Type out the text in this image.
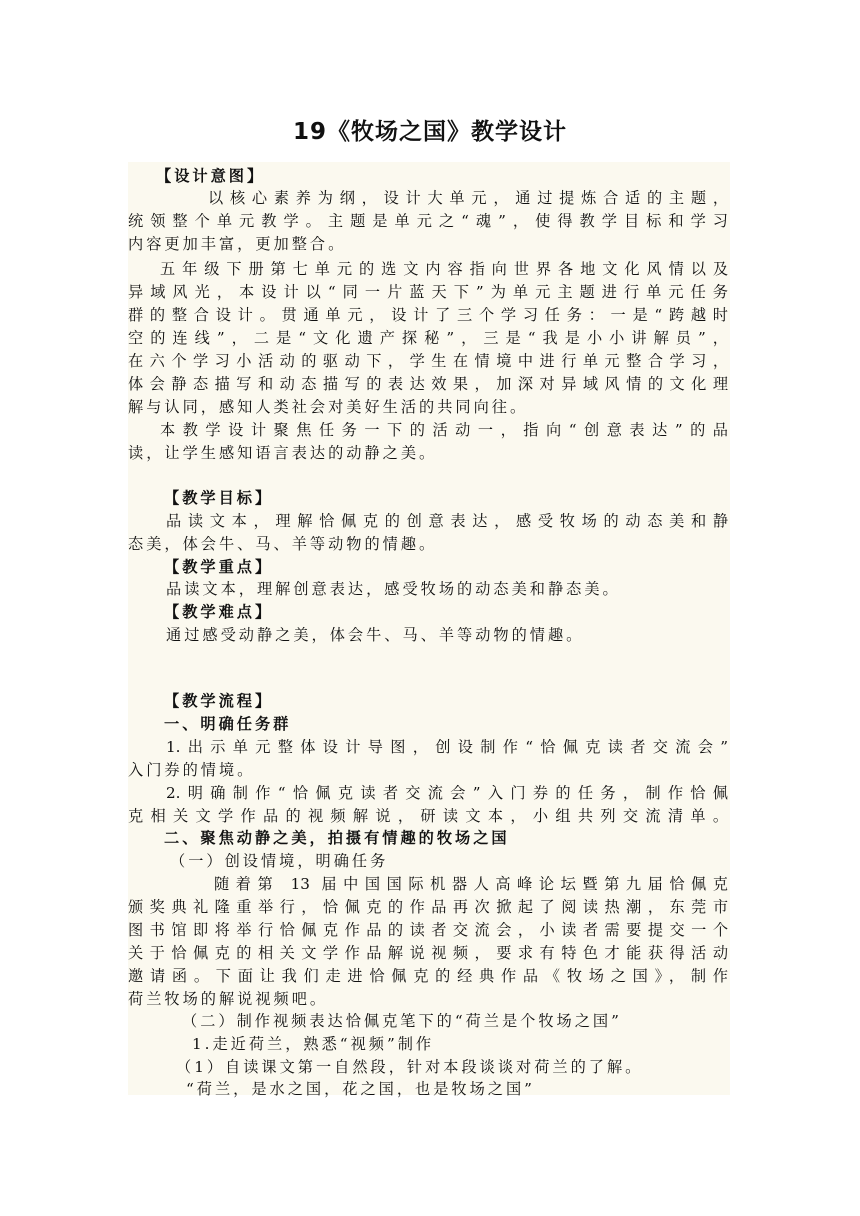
19《牧场之国》教学设计
【设计意图】
以核心素养为纲，设计大单元，通过提炼合适的主题，
统领整个单元教学。主题是单元之“魂”，使得教学目标和学习
内容更加丰富，更加整合。
五年级下册第七单元的选文内容指向世界各地文化风情以及
异域风光，本设计以“同一片蓝天下”为单元主题进行单元任务
群的整合设计。贯通单元，设计了三个学习任务：一是“跨越时
空的连线”，二是“文化遗产探秘”，三是“我是小小讲解员”，
在六个学习小活动的驱动下，学生在情境中进行单元整合学习，
体会静态描写和动态描写的表达效果，加深对异域风情的文化理
解与认同，感知人类社会对美好生活的共同向往。
本教学设计聚焦任务一下的活动一，指向“创意表达”的品
读，让学生感知语言表达的动静之美。
【教学目标】
品读文本，理解恰佩克的创意表达，感受牧场的动态美和静
态美，体会牛、马、羊等动物的情趣。
【教学重点】
品读文本，理解创意表达，感受牧场的动态美和静态美。
【教学难点】
通过感受动静之美，体会牛、马、羊等动物的情趣。
【教学流程】
一、明确任务群
1.出示单元整体设计导图，创设制作“恰佩克读者交流会”
入门券的情境。
2.明确制作“恰佩克读者交流会”入门券的任务，制作恰佩
克相关文学作品的视频解说，研读文本，小组共列交流清单。
二、聚焦动静之美，拍摄有情趣的牧场之国
（一）创设情境，明确任务
随着第 13 届中国国际机器人高峰论坛暨第九届恰佩克
颁奖典礼隆重举行，恰佩克的作品再次掀起了阅读热潮，东莞市
图书馆即将举行恰佩克作品的读者交流会，小读者需要提交一个
关于恰佩克的相关文学作品解说视频，要求有特色才能获得活动
邀请函。下面让我们走进恰佩克的经典作品《牧场之国》，制作
荷兰牧场的解说视频吧。
（二）制作视频表达恰佩克笔下的“荷兰是个牧场之国”
1.走近荷兰，熟悉“视频”制作
（1）自读课文第一自然段，针对本段谈谈对荷兰的了解。
“荷兰，是水之国，花之国，也是牧场之国”
